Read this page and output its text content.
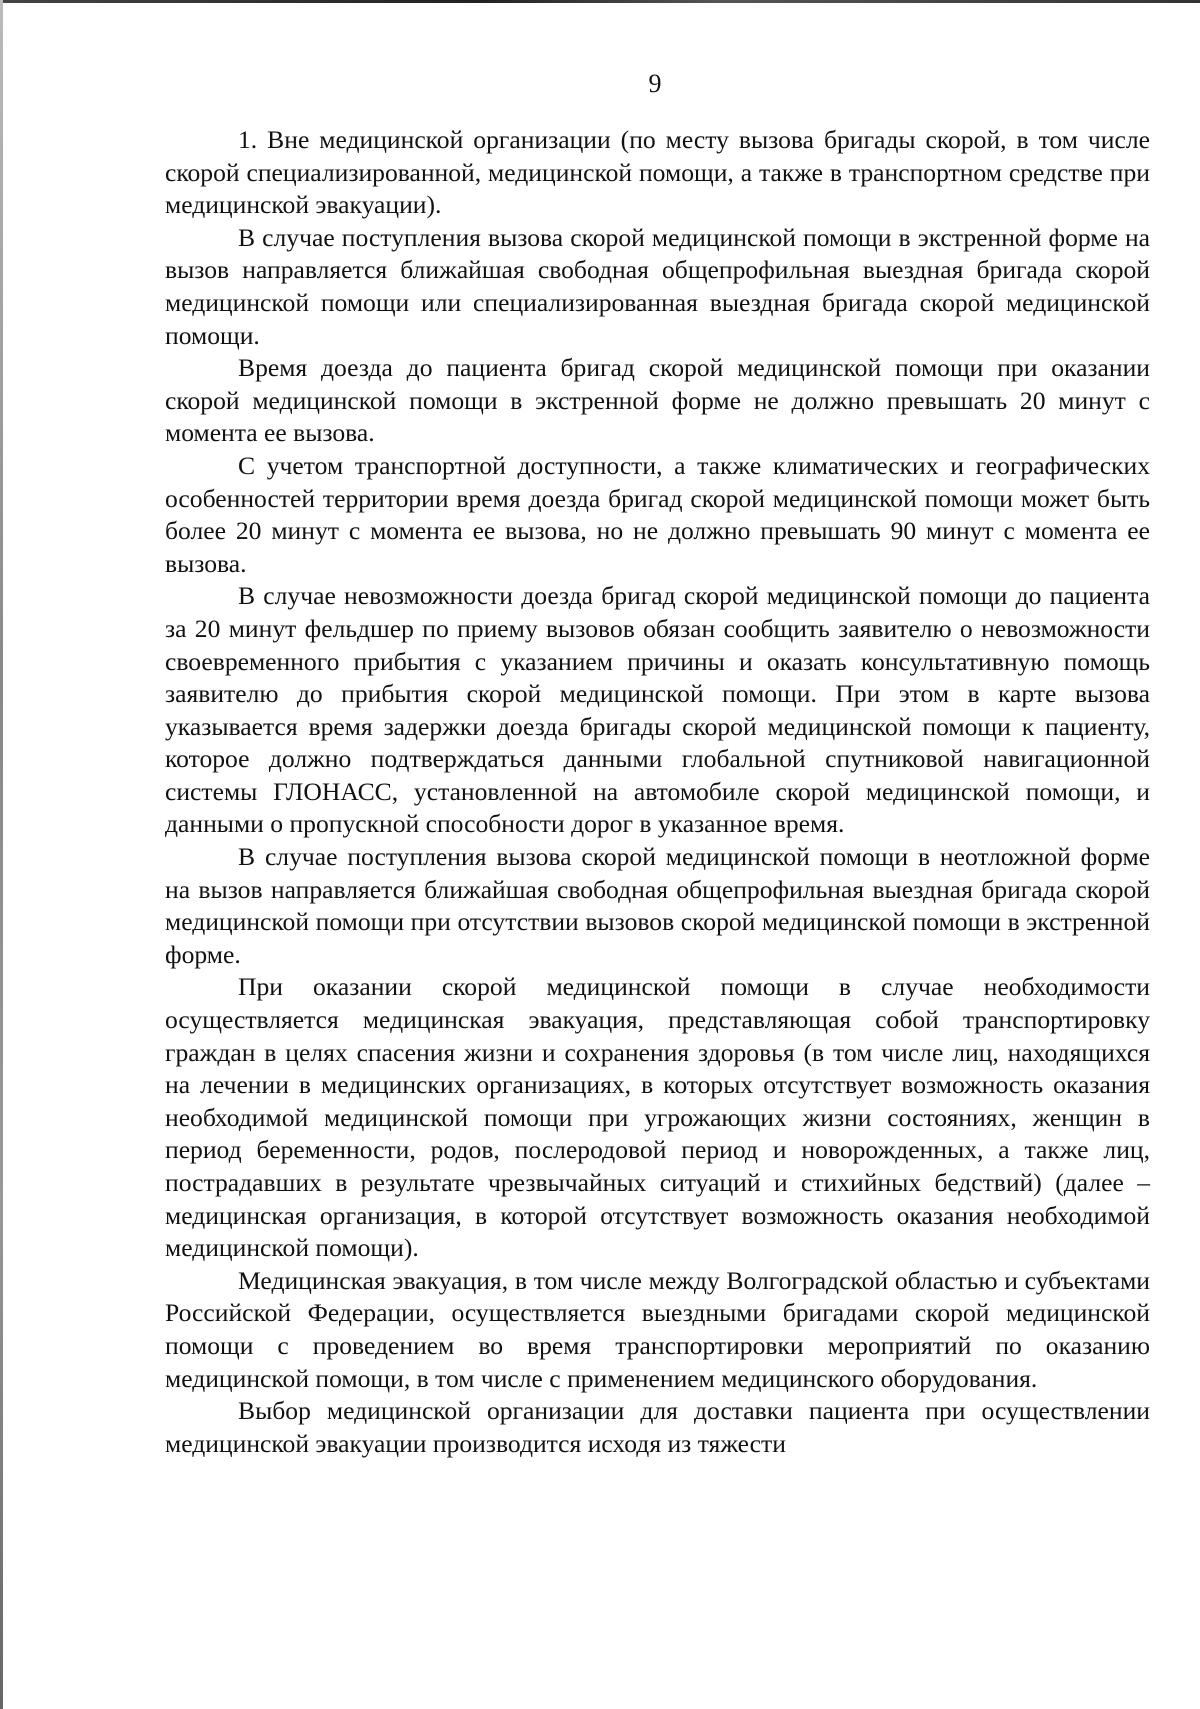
9

1. Вне медицинской организации (по месту вызова бригады скорой, в том числе скорой специализированной, медицинской помощи, а также в транспортном средстве при медицинской эвакуации).

В случае поступления вызова скорой медицинской помощи в экстренной форме на вызов направляется ближайшая свободная общепрофильная выездная бригада скорой медицинской помощи или специализированная выездная бригада скорой медицинской помощи.

Время доезда до пациента бригад скорой медицинской помощи при оказании скорой медицинской помощи в экстренной форме не должно превышать 20 минут с момента ее вызова.

С учетом транспортной доступности, а также климатических и географических особенностей территории время доезда бригад скорой медицинской помощи может быть более 20 минут с момента ее вызова, но не должно превышать 90 минут с момента ее вызова.

В случае невозможности доезда бригад скорой медицинской помощи до пациента за 20 минут фельдшер по приему вызовов обязан сообщить заявителю о невозможности своевременного прибытия с указанием причины и оказать консультативную помощь заявителю до прибытия скорой медицинской помощи. При этом в карте вызова указывается время задержки доезда бригады скорой медицинской помощи к пациенту, которое должно подтверждаться данными глобальной спутниковой навигационной системы ГЛОНАСС, установленной на автомобиле скорой медицинской помощи, и данными о пропускной способности дорог в указанное время.

В случае поступления вызова скорой медицинской помощи в неотложной форме на вызов направляется ближайшая свободная общепрофильная выездная бригада скорой медицинской помощи при отсутствии вызовов скорой медицинской помощи в экстренной форме.

При оказании скорой медицинской помощи в случае необходимости осуществляется медицинская эвакуация, представляющая собой транспортировку граждан в целях спасения жизни и сохранения здоровья (в том числе лиц, находящихся на лечении в медицинских организациях, в которых отсутствует возможность оказания необходимой медицинской помощи при угрожающих жизни состояниях, женщин в период беременности, родов, послеродовой период и новорожденных, а также лиц, пострадавших в результате чрезвычайных ситуаций и стихийных бедствий) (далее – медицинская организация, в которой отсутствует возможность оказания необходимой медицинской помощи).

Медицинская эвакуация, в том числе между Волгоградской областью и субъектами Российской Федерации, осуществляется выездными бригадами скорой медицинской помощи с проведением во время транспортировки мероприятий по оказанию медицинской помощи, в том числе с применением медицинского оборудования.

Выбор медицинской организации для доставки пациента при осуществлении медицинской эвакуации производится исходя из тяжести
